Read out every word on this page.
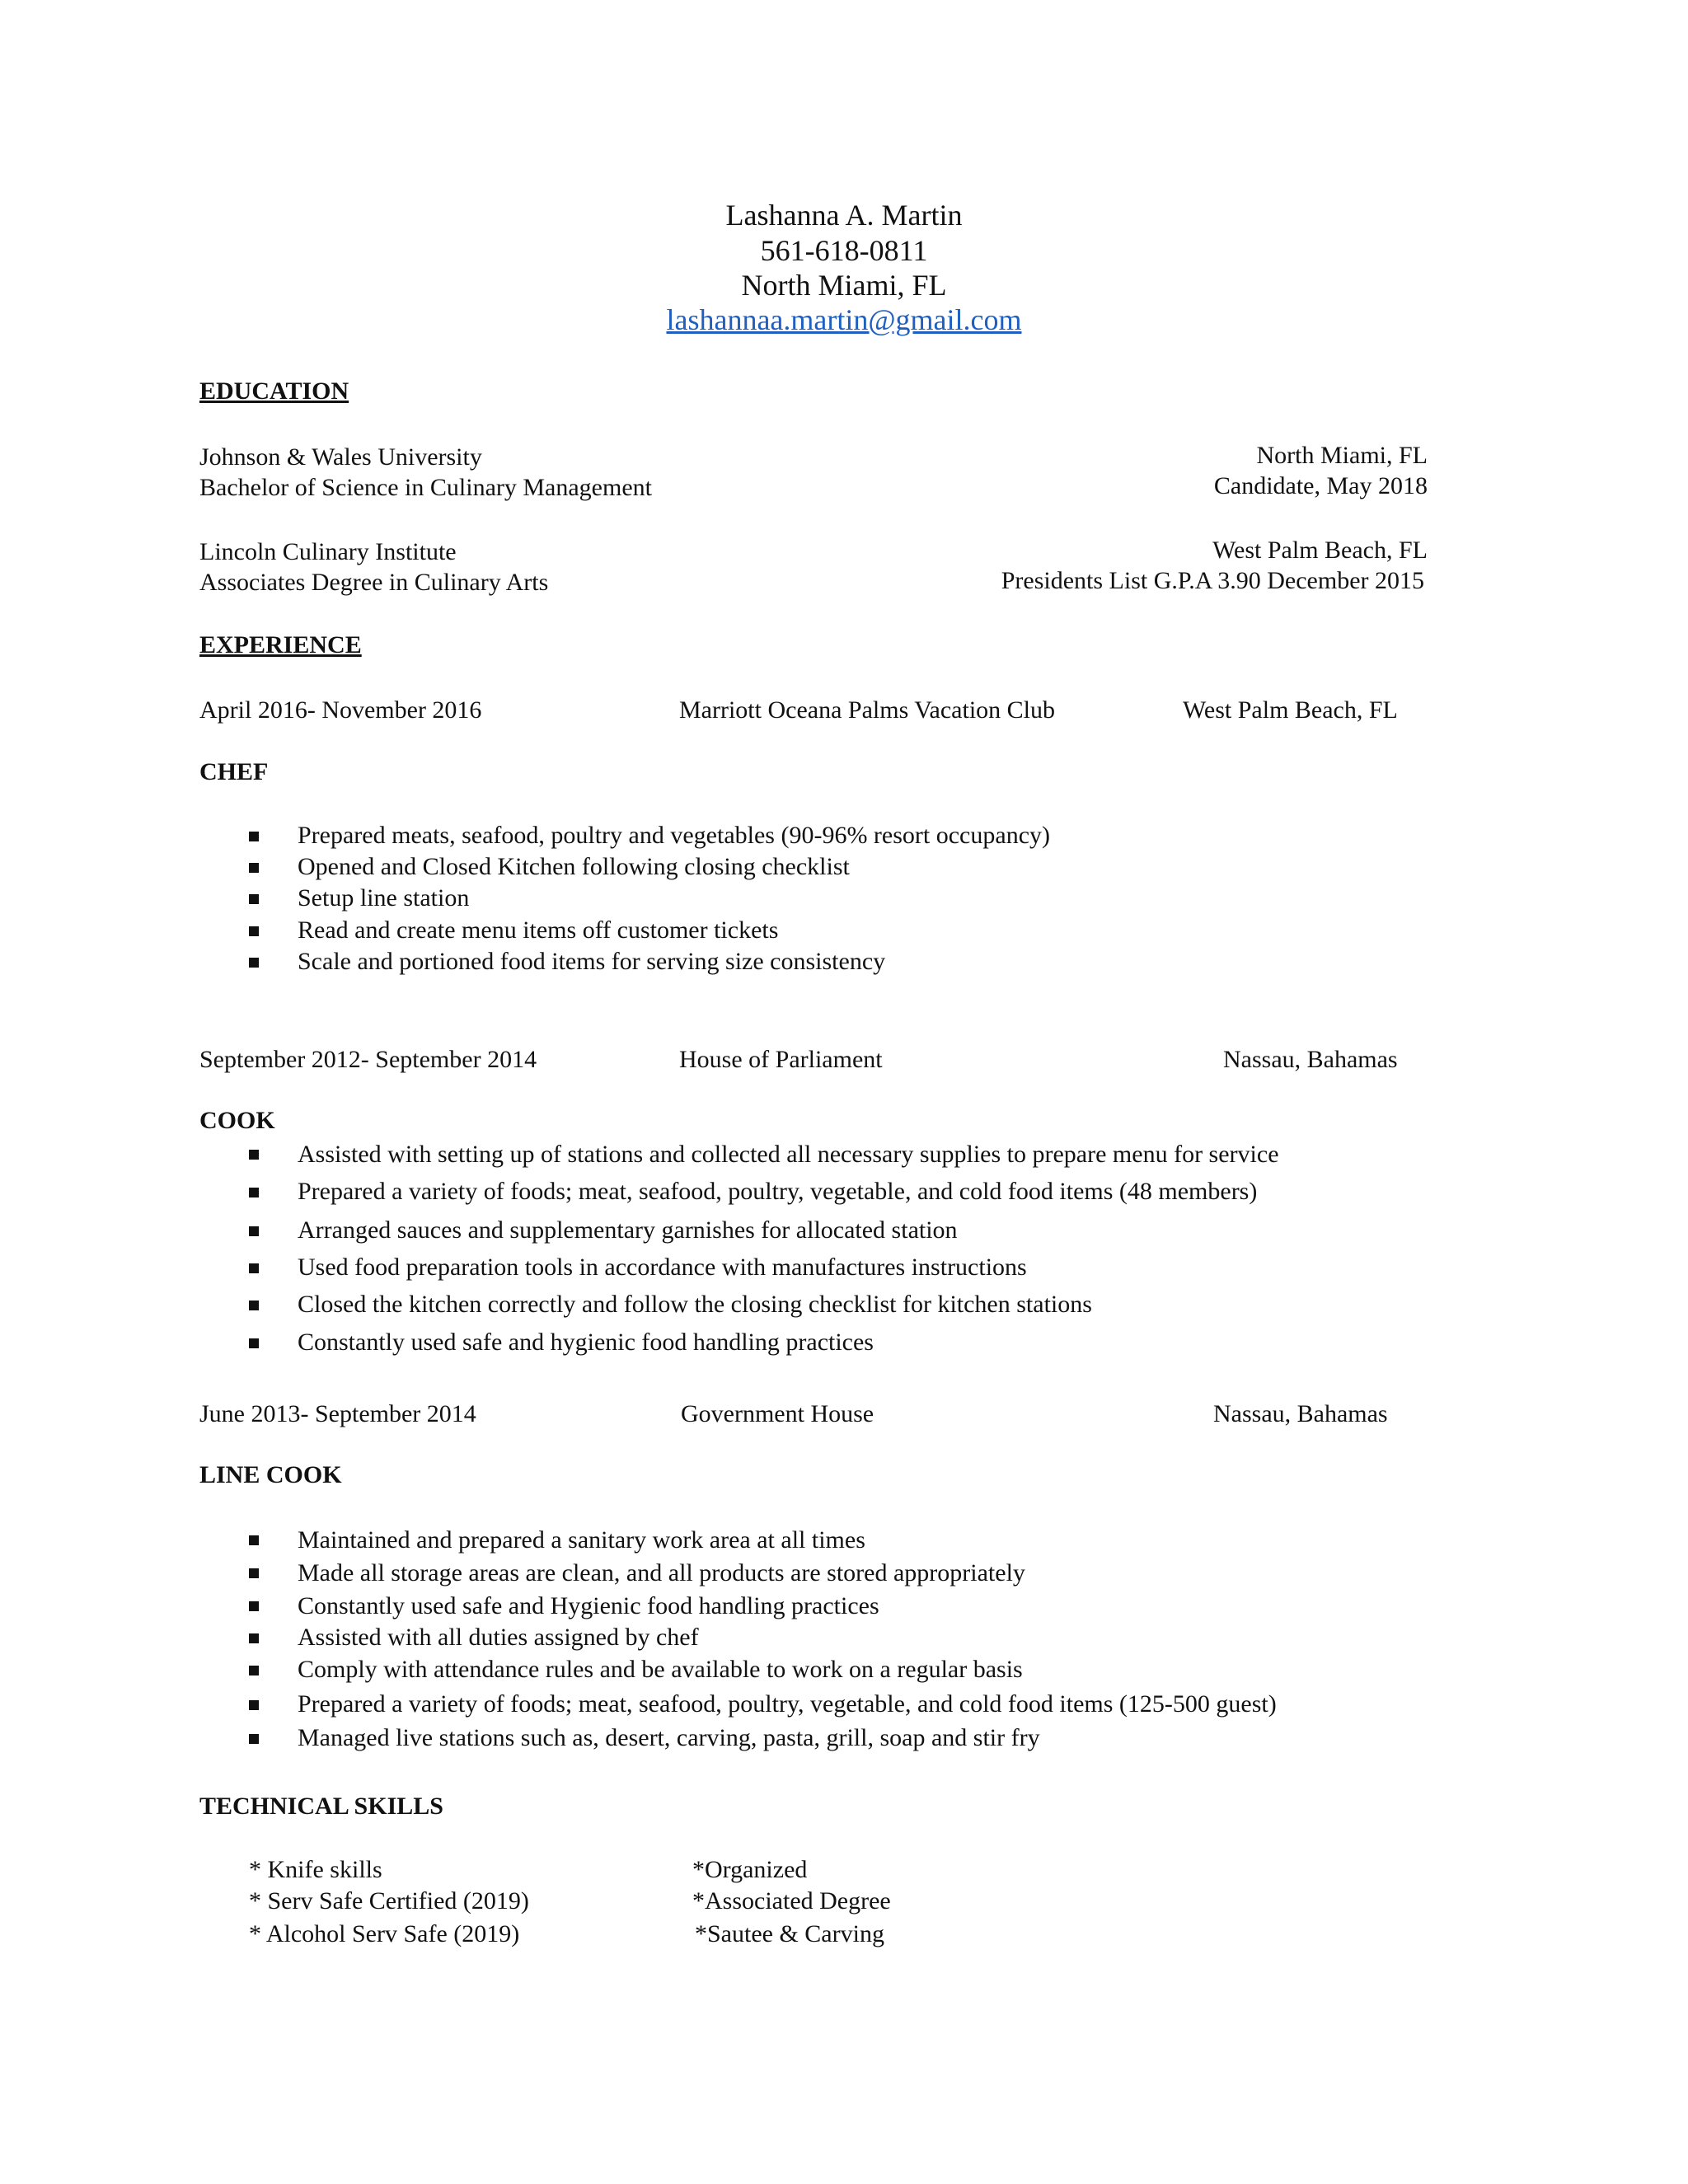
Lashanna A. Martin
561-618-0811
North Miami, FL
lashannaa.martin@gmail.com
EDUCATION
Johnson & Wales University	North Miami, FL
Bachelor of Science in Culinary Management	Candidate, May 2018
Lincoln Culinary Institute	West Palm Beach, FL
Associates Degree in Culinary Arts	Presidents List G.P.A 3.90 December 2015
EXPERIENCE
April 2016- November 2016	Marriott Oceana Palms Vacation Club	West Palm Beach, FL
CHEF
Prepared meats, seafood, poultry and vegetables (90-96% resort occupancy)
Opened and Closed Kitchen following closing checklist
Setup line station
Read and create menu items off customer tickets
Scale and portioned food items for serving size consistency
September 2012- September 2014	House of Parliament	Nassau, Bahamas
COOK
Assisted with setting up of stations and collected all necessary supplies to prepare menu for service
Prepared a variety of foods; meat, seafood, poultry, vegetable, and cold food items (48 members)
Arranged sauces and supplementary garnishes for allocated station
Used food preparation tools in accordance with manufactures instructions
Closed the kitchen correctly and follow the closing checklist for kitchen stations
Constantly used safe and hygienic food handling practices
June 2013- September 2014	Government House	Nassau, Bahamas
LINE COOK
Maintained and prepared a sanitary work area at all times
Made all storage areas are clean, and all products are stored appropriately
Constantly used safe and Hygienic food handling practices
Assisted with all duties assigned by chef
Comply with attendance rules and be available to work on a regular basis
Prepared a variety of foods; meat, seafood, poultry, vegetable, and cold food items (125-500 guest)
Managed live stations such as, desert, carving, pasta, grill, soap and stir fry
TECHNICAL SKILLS
* Knife skills
* Serv Safe Certified (2019)
* Alcohol Serv Safe (2019)
*Organized
*Associated Degree
*Sautee & Carving
